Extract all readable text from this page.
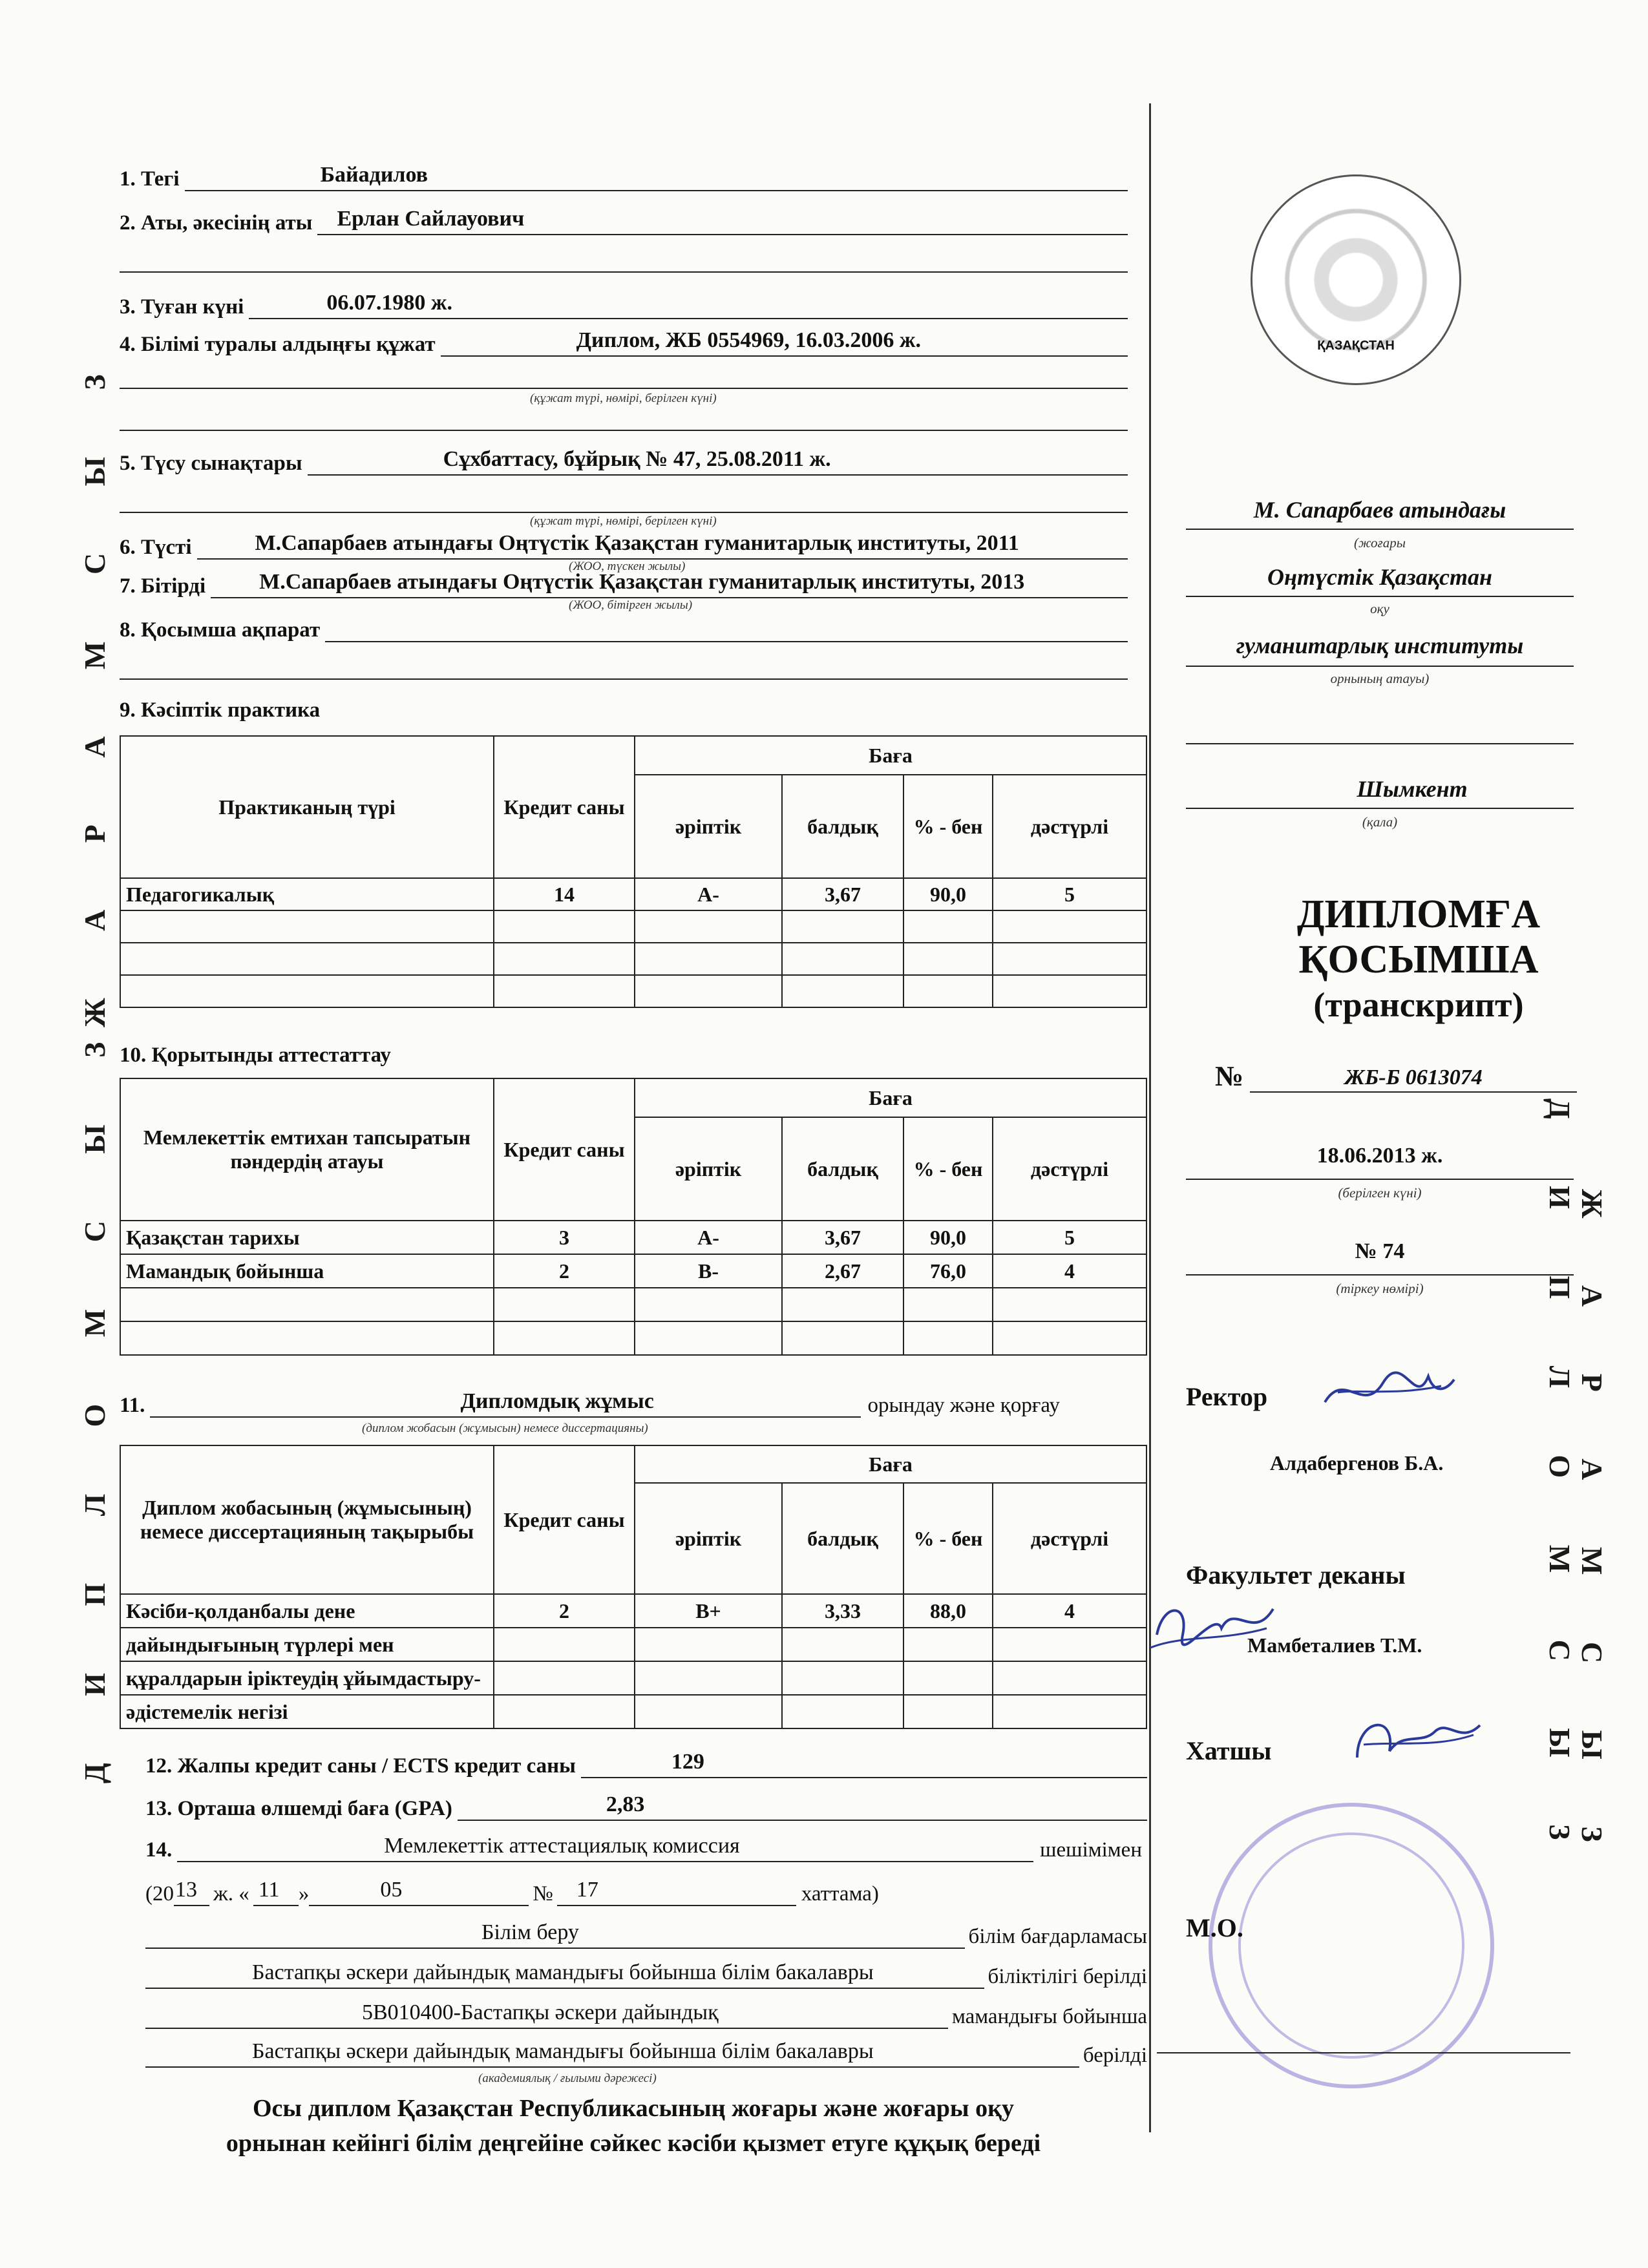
Ж А Р А М С Ы З
Д И П Л О М С Ы З	Д И П Л О М С Ы З Ж А Р А М С Ы З
1. Тегі	Байадилов
2. Аты, әкесінің аты Ерлан Сайлауович
3. Туған күні	06.07.1980 ж.
4. Білімі туралы алдыңғы құжат	Диплом, ЖБ 0554969, 16.03.2006 ж.
(құжат түрі, нөмірі, берілген күні)
5. Түсу сынақтары	Сұхбаттасу, бұйрық № 47, 25.08.2011 ж.
(құжат түрі, нөмірі, берілген күні)
6. Түсті	М.Сапарбаев атындағы Оңтүстік Қазақстан гуманитарлық институты, 2011
(ЖОО, түскен жылы)
7. Бітірді М.Сапарбаев атындағы Оңтүстік Қазақстан гуманитарлық институты, 2013
(ЖОО, бітірген жылы)
8. Қосымша ақпарат
9. Кәсіптік практика
Практиканың түрі	Кредит саны	Баға			
		әріптік	балдық	% - бен	дәстүрлі
Педагогикалық	14	A-	3,67	90,0	5

10. Қорытынды аттестаттау
Мемлекеттік емтихан тапсыратын пәндердің атауы	Кредит саны	Баға			
		әріптік	балдық	% - бен	дәстүрлі
Қазақстан тарихы	3	A-	3,67	90,0	5
Мамандық бойынша	2	B-	2,67	76,0	4

11.	Дипломдық жұмыс	орындау және қорғау
(диплом жобасын (жұмысын) немесе диссертацияны)
Диплом жобасының (жұмысының) немесе диссертацияның тақырыбы	Кредит саны	Баға			
		әріптік	балдық	% - бен	дәстүрлі
Кәсіби-қолданбалы дене	2	B+	3,33	88,0	4
дайындығының түрлері мен					
құралдарын іріктеудің ұйымдастыру-					
әдістемелік негізі					
12. Жалпы кредит саны / ECTS кредит саны	129
13. Орташа өлшемді баға (GPA)	2,83
14.	Мемлекеттік аттестациялық комиссия	шешімімен
(20 13 ж. « 11 »	05	№ 17	хаттама)
Білім беру	білім бағдарламасы
Бастапқы әскери дайындық мамандығы бойынша білім бакалавры	біліктілігі берілді
5В010400-Бастапқы әскери дайындық	мамандығы бойынша
Бастапқы әскери дайындық мамандығы бойынша білім бакалавры	берілді
(академиялық / ғылыми дәрежесі)
Осы диплом Қазақстан Республикасының жоғары және жоғары оқу
орнынан кейінгі білім деңгейіне сәйкес кәсіби қызмет етуге құқық береді
ҚАЗАҚСТАН
М. Сапарбаев атындағы
(жоғары
Оңтүстік Қазақстан
оқу
гуманитарлық институты
орнының атауы)
Шымкент
(қала)
ДИПЛОМҒА
ҚОСЫМША
(транскрипт)
№	ЖБ-Б 0613074
18.06.2013 ж.
(берілген күні)
№ 74
(тіркеу нөмірі)
Ректор
Алдабергенов Б.А.
Факультет деканы
Мамбеталиев Т.М.
Хатшы
М.О.
